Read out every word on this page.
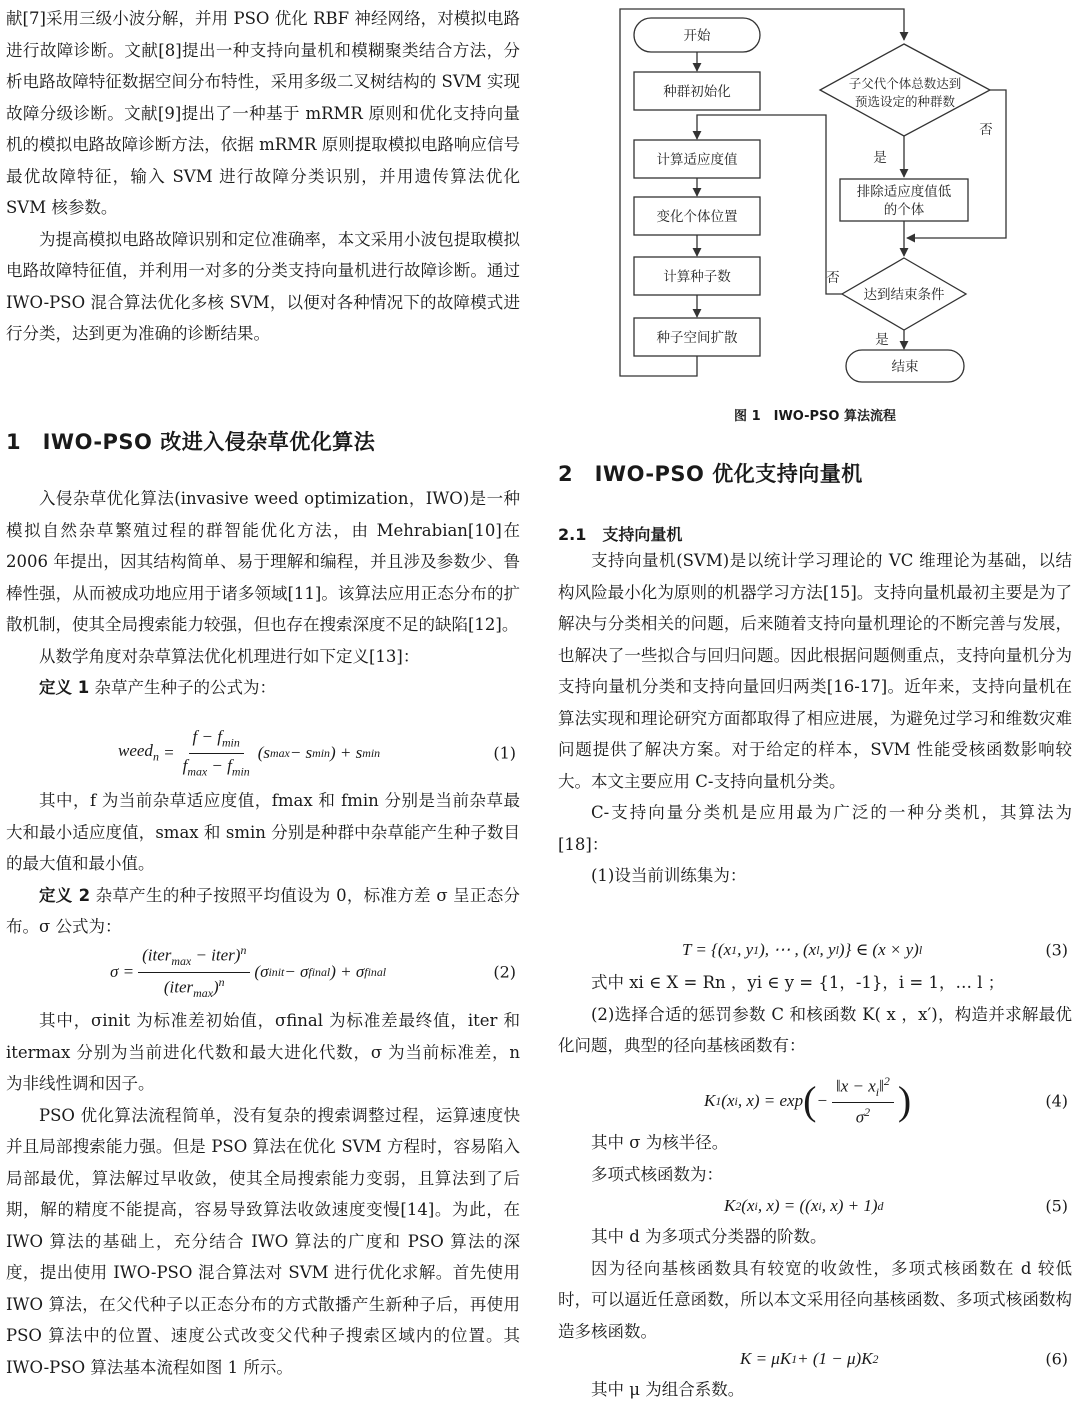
献[7]采用三级小波分解，并用 PSO 优化 RBF 神经网络，对模拟电路进行故障诊断。文献[8]提出一种支持向量机和模糊聚类结合方法，分析电路故障特征数据空间分布特性，采用多级二叉树结构的 SVM 实现故障分级诊断。文献[9]提出了一种基于 mRMR 原则和优化支持向量机的模拟电路故障诊断方法，依据 mRMR 原则提取模拟电路响应信号最优故障特征，输入 SVM 进行故障分类识别，并用遗传算法优化 SVM 核参数。

为提高模拟电路故障识别和定位准确率，本文采用小波包提取模拟电路故障特征值，并利用一对多的分类支持向量机进行故障诊断。通过 IWO-PSO 混合算法优化多核 SVM，以便对各种情况下的故障模式进行分类，达到更为准确的诊断结果。

1　IWO-PSO 改进入侵杂草优化算法

入侵杂草优化算法(invasive weed optimization，IWO)是一种模拟自然杂草繁殖过程的群智能优化方法，由 Mehrabian[10]在 2006 年提出，因其结构简单、易于理解和编程，并且涉及参数少、鲁棒性强，从而被成功地应用于诸多领域[11]。该算法应用正态分布的扩散机制，使其全局搜索能力较强，但也存在搜索深度不足的缺陷[12]。

从数学角度对杂草算法优化机理进行如下定义[13]：

定义 1 杂草产生种子的公式为：

weed$_n$ = $\frac{f - f_{min}}{f_{max} - f_{min}} (s$ max − s min ) + s min	(1)

其中，f 为当前杂草适应度值，fmax 和 fmin 分别是当前杂草最大和最小适应度值，smax 和 smin 分别是种群中杂草能产生种子数目的最大值和最小值。

定义 2 杂草产生的种子按照平均值设为 0，标准方差 σ 呈正态分布。σ 公式为：

$\sigma = \frac{(iter_{max} - iter)^n}{(iter_{max})^n} (\sigma$ init − σ final ) + σ final	(2)

其中，σinit 为标准差初始值，σfinal 为标准差最终值，iter 和 itermax 分别为当前进化代数和最大进化代数，σ 为当前标准差，n 为非线性调和因子。

PSO 优化算法流程简单，没有复杂的搜索调整过程，运算速度快并且局部搜索能力强。但是 PSO 算法在优化 SVM 方程时，容易陷入局部最优，算法解过早收敛，使其全局搜索能力变弱，且算法到了后期，解的精度不能提高，容易导致算法收敛速度变慢[14]。为此，在 IWO 算法的基础上，充分结合 IWO 算法的广度和 PSO 算法的深度，提出使用 IWO-PSO 混合算法对 SVM 进行优化求解。首先使用 IWO 算法，在父代种子以正态分布的方式散播产生新种子后，再使用 PSO 算法中的位置、速度公式改变父代种子搜索区域内的位置。其 IWO-PSO 算法基本流程如图 1 所示。

开始
种群初始化
计算适应度值
变化个体位置
计算种子数
种子空间扩散
子父代个体总数达到
预选设定的种群数
否
是
排除适应度值低
的个体
否
达到结束条件
是
结束
图 1　IWO-PSO 算法流程
2　IWO-PSO 优化支持向量机
2.1　支持向量机

支持向量机(SVM)是以统计学习理论的 VC 维理论为基础，以结构风险最小化为原则的机器学习方法[15]。支持向量机最初主要是为了解决与分类相关的问题，后来随着支持向量机理论的不断完善与发展，也解决了一些拟合与回归问题。因此根据问题侧重点，支持向量机分为支持向量机分类和支持向量回归两类[16-17]。近年来，支持向量机在算法实现和理论研究方面都取得了相应进展，为避免过学习和维数灾难问题提供了解决方案。对于给定的样本，SVM 性能受核函数影响较大。本文主要应用 C-支持向量机分类。

C-支持向量分类机是应用最为广泛的一种分类机，其算法为[18]：

(1)设当前训练集为：

T = {(x 1 , y 1 ), ⋯ , (x l , y l )} ∈ (x × y) l	(3)

式中 xi ∈ X = Rn ，yi ∈ y = {1，-1}，i = 1，… l ；

(2)选择合适的惩罚参数 C 和核函数 K( x ，x′)，构造并求解最优化问题，典型的径向基核函数有：

K 1 (x i , x) = exp ( − $\frac{‖x - x_i‖^2}{\sigma^2}$ )	(4)

其中 σ 为核半径。

多项式核函数为：

K 2 (x i , x) = ((x i , x) + 1) d	(5)

其中 d 为多项式分类器的阶数。

因为径向基核函数具有较宽的收敛性，多项式核函数在 d 较低时，可以逼近任意函数，所以本文采用径向基核函数、多项式核函数构造多核函数。

K = μK 1 + (1 − μ)K 2	(6)

其中 μ 为组合系数。
